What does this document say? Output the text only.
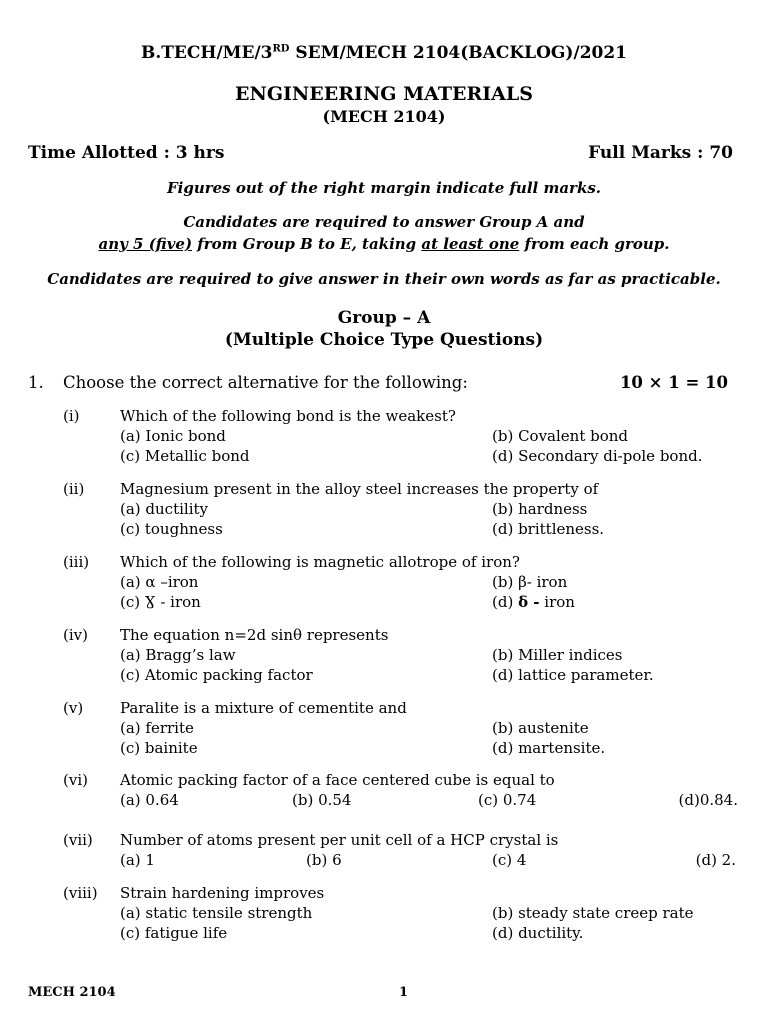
B.TECH/ME/3RD SEM/MECH 2104(BACKLOG)/2021
ENGINEERING MATERIALS
(MECH 2104)
Time Allotted : 3 hrs	Full Marks : 70
Figures out of the right margin indicate full marks.
Candidates are required to answer Group A and
any 5 (five) from Group B to E, taking at least one from each group.
Candidates are required to give answer in their own words as far as practicable.
Group – A
(Multiple Choice Type Questions)
1. Choose the correct alternative for the following:	10 × 1 = 10
(i)	Which of the following bond is the weakest?
(a) Ionic bond	(b) Covalent bond
(c) Metallic bond	(d) Secondary di-pole bond.
(ii) Magnesium present in the alloy steel increases the property of
(a) ductility	(b) hardness
(c) toughness	(d) brittleness.
(iii) Which of the following is magnetic allotrope of iron?
(a) α –iron	(b) β- iron
(c) Ɣ - iron	(d) δ - iron
(iv) The equation n=2d sinθ represents
(a) Bragg’s law	(b) Miller indices
(c) Atomic packing factor	(d) lattice parameter.
(v) Paralite is a mixture of cementite and
(a) ferrite	(b) austenite
(c) bainite	(d) martensite.
(vi) Atomic packing factor of a face centered cube is equal to
(a) 0.64	(b) 0.54	(c) 0.74	(d)0.84.
(vii) Number of atoms present per unit cell of a HCP crystal is
(a) 1	(b) 6	(c) 4	(d) 2.
(viii) Strain hardening improves
(a) static tensile strength	(b) steady state creep rate
(c) fatigue life	(d) ductility.
MECH 2104	1
